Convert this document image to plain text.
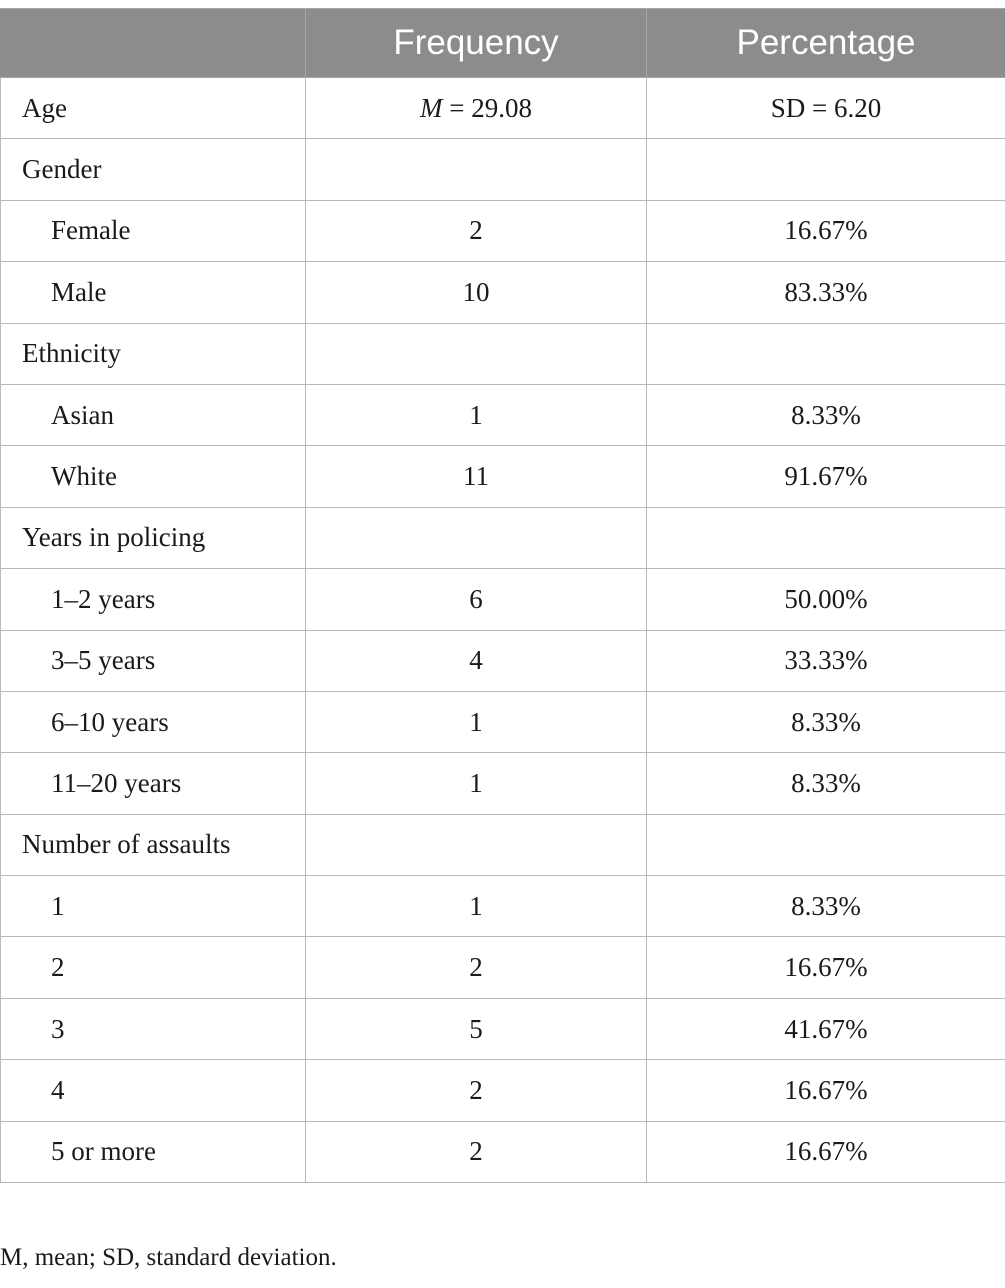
	Frequency	Percentage
Age	M = 29.08	SD = 6.20
Gender		
Female	2	16.67%
Male	10	83.33%
Ethnicity		
Asian	1	8.33%
White	11	91.67%
Years in policing		
1–2 years	6	50.00%
3–5 years	4	33.33%
6–10 years	1	8.33%
11–20 years	1	8.33%
Number of assaults		
1	1	8.33%
2	2	16.67%
3	5	41.67%
4	2	16.67%
5 or more	2	16.67%
M, mean; SD, standard deviation.
